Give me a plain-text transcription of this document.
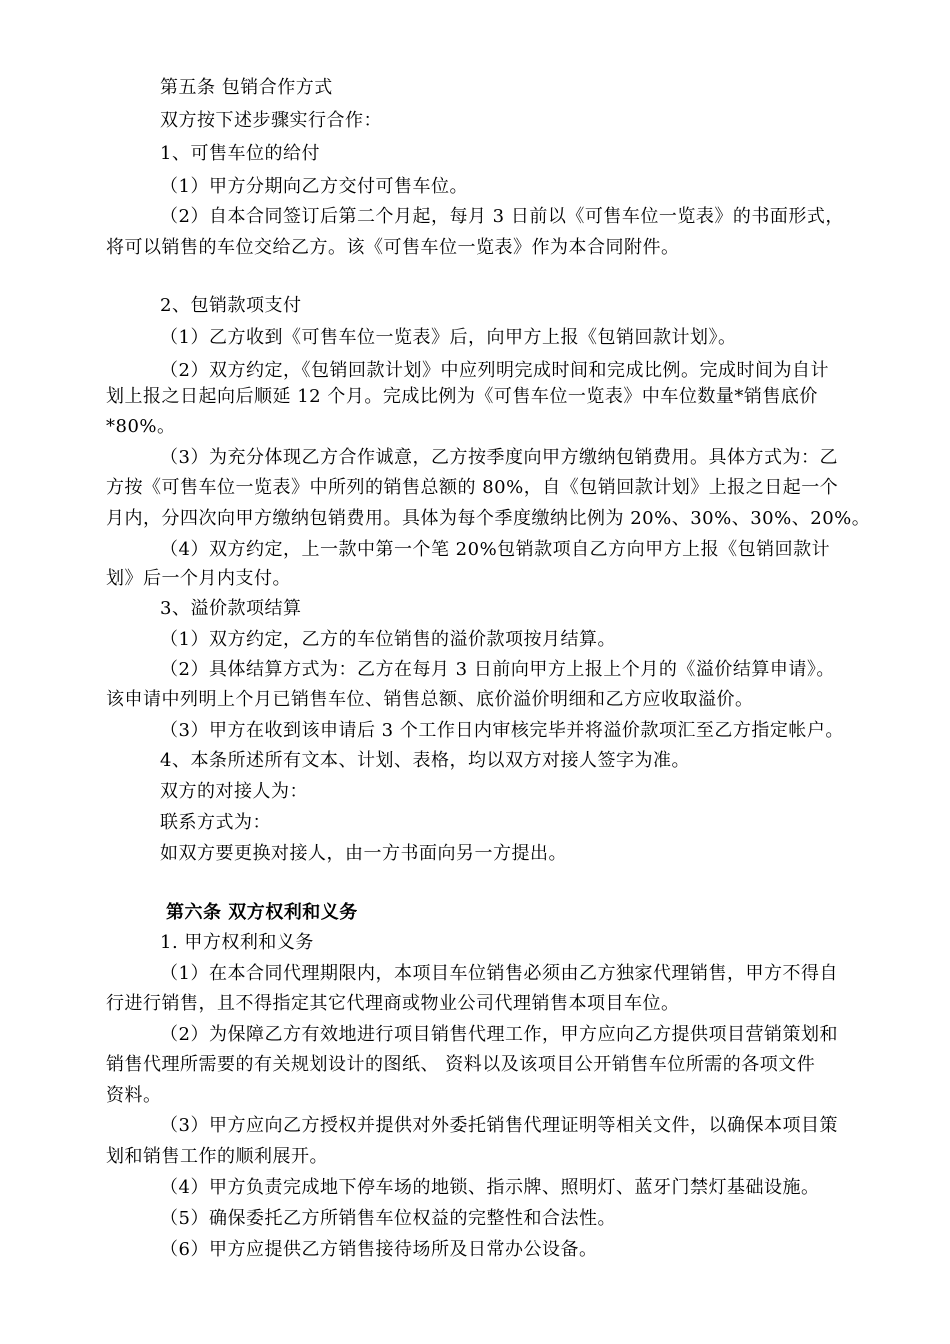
第五条 包销合作方式
双方按下述步骤实行合作：
1、可售车位的给付
（1）甲方分期向乙方交付可售车位。
（2）自本合同签订后第二个月起，每月 3 日前以《可售车位一览表》的书面形式，
将可以销售的车位交给乙方。该《可售车位一览表》作为本合同附件。
2、包销款项支付
（1）乙方收到《可售车位一览表》后，向甲方上报《包销回款计划》。
（2）双方约定，《包销回款计划》中应列明完成时间和完成比例。完成时间为自计
划上报之日起向后顺延 12 个月。完成比例为《可售车位一览表》中车位数量*销售底价
*80%。
（3）为充分体现乙方合作诚意，乙方按季度向甲方缴纳包销费用。具体方式为：乙
方按《可售车位一览表》中所列的销售总额的 80%，自《包销回款计划》上报之日起一个
月内，分四次向甲方缴纳包销费用。具体为每个季度缴纳比例为 20%、30%、30%、20%。
（4）双方约定，上一款中第一个笔 20%包销款项自乙方向甲方上报《包销回款计
划》后一个月内支付。
3、溢价款项结算
（1）双方约定，乙方的车位销售的溢价款项按月结算。
（2）具体结算方式为：乙方在每月 3 日前向甲方上报上个月的《溢价结算申请》。
该申请中列明上个月已销售车位、销售总额、底价溢价明细和乙方应收取溢价。
（3）甲方在收到该申请后 3 个工作日内审核完毕并将溢价款项汇至乙方指定帐户。
4、本条所述所有文本、计划、表格，均以双方对接人签字为准。
双方的对接人为：
联系方式为：
如双方要更换对接人，由一方书面向另一方提出。
第六条 双方权利和义务
1. 甲方权利和义务
（1）在本合同代理期限内，本项目车位销售必须由乙方独家代理销售，甲方不得自
行进行销售，且不得指定其它代理商或物业公司代理销售本项目车位。
（2）为保障乙方有效地进行项目销售代理工作，甲方应向乙方提供项目营销策划和
销售代理所需要的有关规划设计的图纸、 资料以及该项目公开销售车位所需的各项文件
资料。
（3）甲方应向乙方授权并提供对外委托销售代理证明等相关文件，以确保本项目策
划和销售工作的顺利展开。
（4）甲方负责完成地下停车场的地锁、指示牌、照明灯、蓝牙门禁灯基础设施。
（5）确保委托乙方所销售车位权益的完整性和合法性。
（6）甲方应提供乙方销售接待场所及日常办公设备。
